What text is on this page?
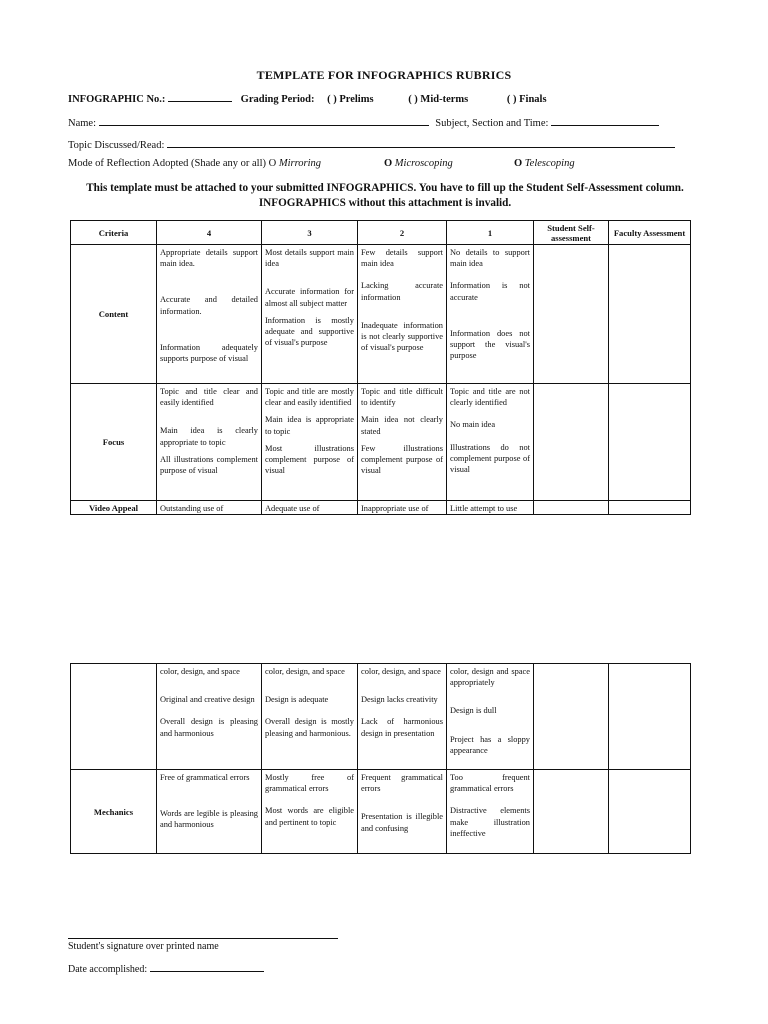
TEMPLATE FOR INFOGRAPHICS RUBRICS
INFOGRAPHIC No.:	Grading Period: ( ) Prelims	( ) Mid-terms	( ) Finals
Name:	Subject, Section and Time:
Topic Discussed/Read:
Mode of Reflection Adopted (Shade any or all) O Mirroring	O Microscoping	O Telescoping
This template must be attached to your submitted INFOGRAPHICS. You have to fill up the Student Self-Assessment column.
INFOGRAPHICS without this attachment is invalid.
Criteria	4	3	2	1	Student Self-assessment	Faculty Assessment
Content	Appropriate details support main idea.
Accurate and detailed information.
Information adequately supports purpose of visual	Most details support main idea
Accurate information for almost all subject matter
Information is mostly adequate and supportive of visual's purpose	Few details support main idea
Lacking accurate information
Inadequate information is not clearly supportive of visual's purpose	No details to support main idea
Information is not accurate
Information does not support the visual's purpose		

Focus	Topic and title clear and easily identified
Main idea is clearly appropriate to topic
All illustrations complement purpose of visual	Topic and title are mostly clear and easily identified
Main idea is appropriate to topic
Most illustrations complement purpose of visual	Topic and title difficult to identify
Main idea not clearly stated
Few illustrations complement purpose of visual	Topic and title are not clearly identified
No main idea
Illustrations do not complement purpose of visual		

Video Appeal	Outstanding use of	Adequate use of	Inappropriate use of	Little attempt to use		

	color, design, and space
Original and creative design
Overall design is pleasing and harmonious	color, design, and space
Design is adequate
Overall design is mostly pleasing and harmonious.	color, design, and space
Design lacks creativity
Lack of harmonious design in presentation	color, design and space appropriately
Design is dull
Project has a sloppy appearance		

Mechanics	Free of grammatical errors
Words are legible is pleasing and harmonious	Mostly free of grammatical errors
Most words are eligible and pertinent to topic	Frequent grammatical errors
Presentation is illegible and confusing	Too frequent grammatical errors
Distractive elements make illustration ineffective		

Student's signature over printed name
Date accomplished:
